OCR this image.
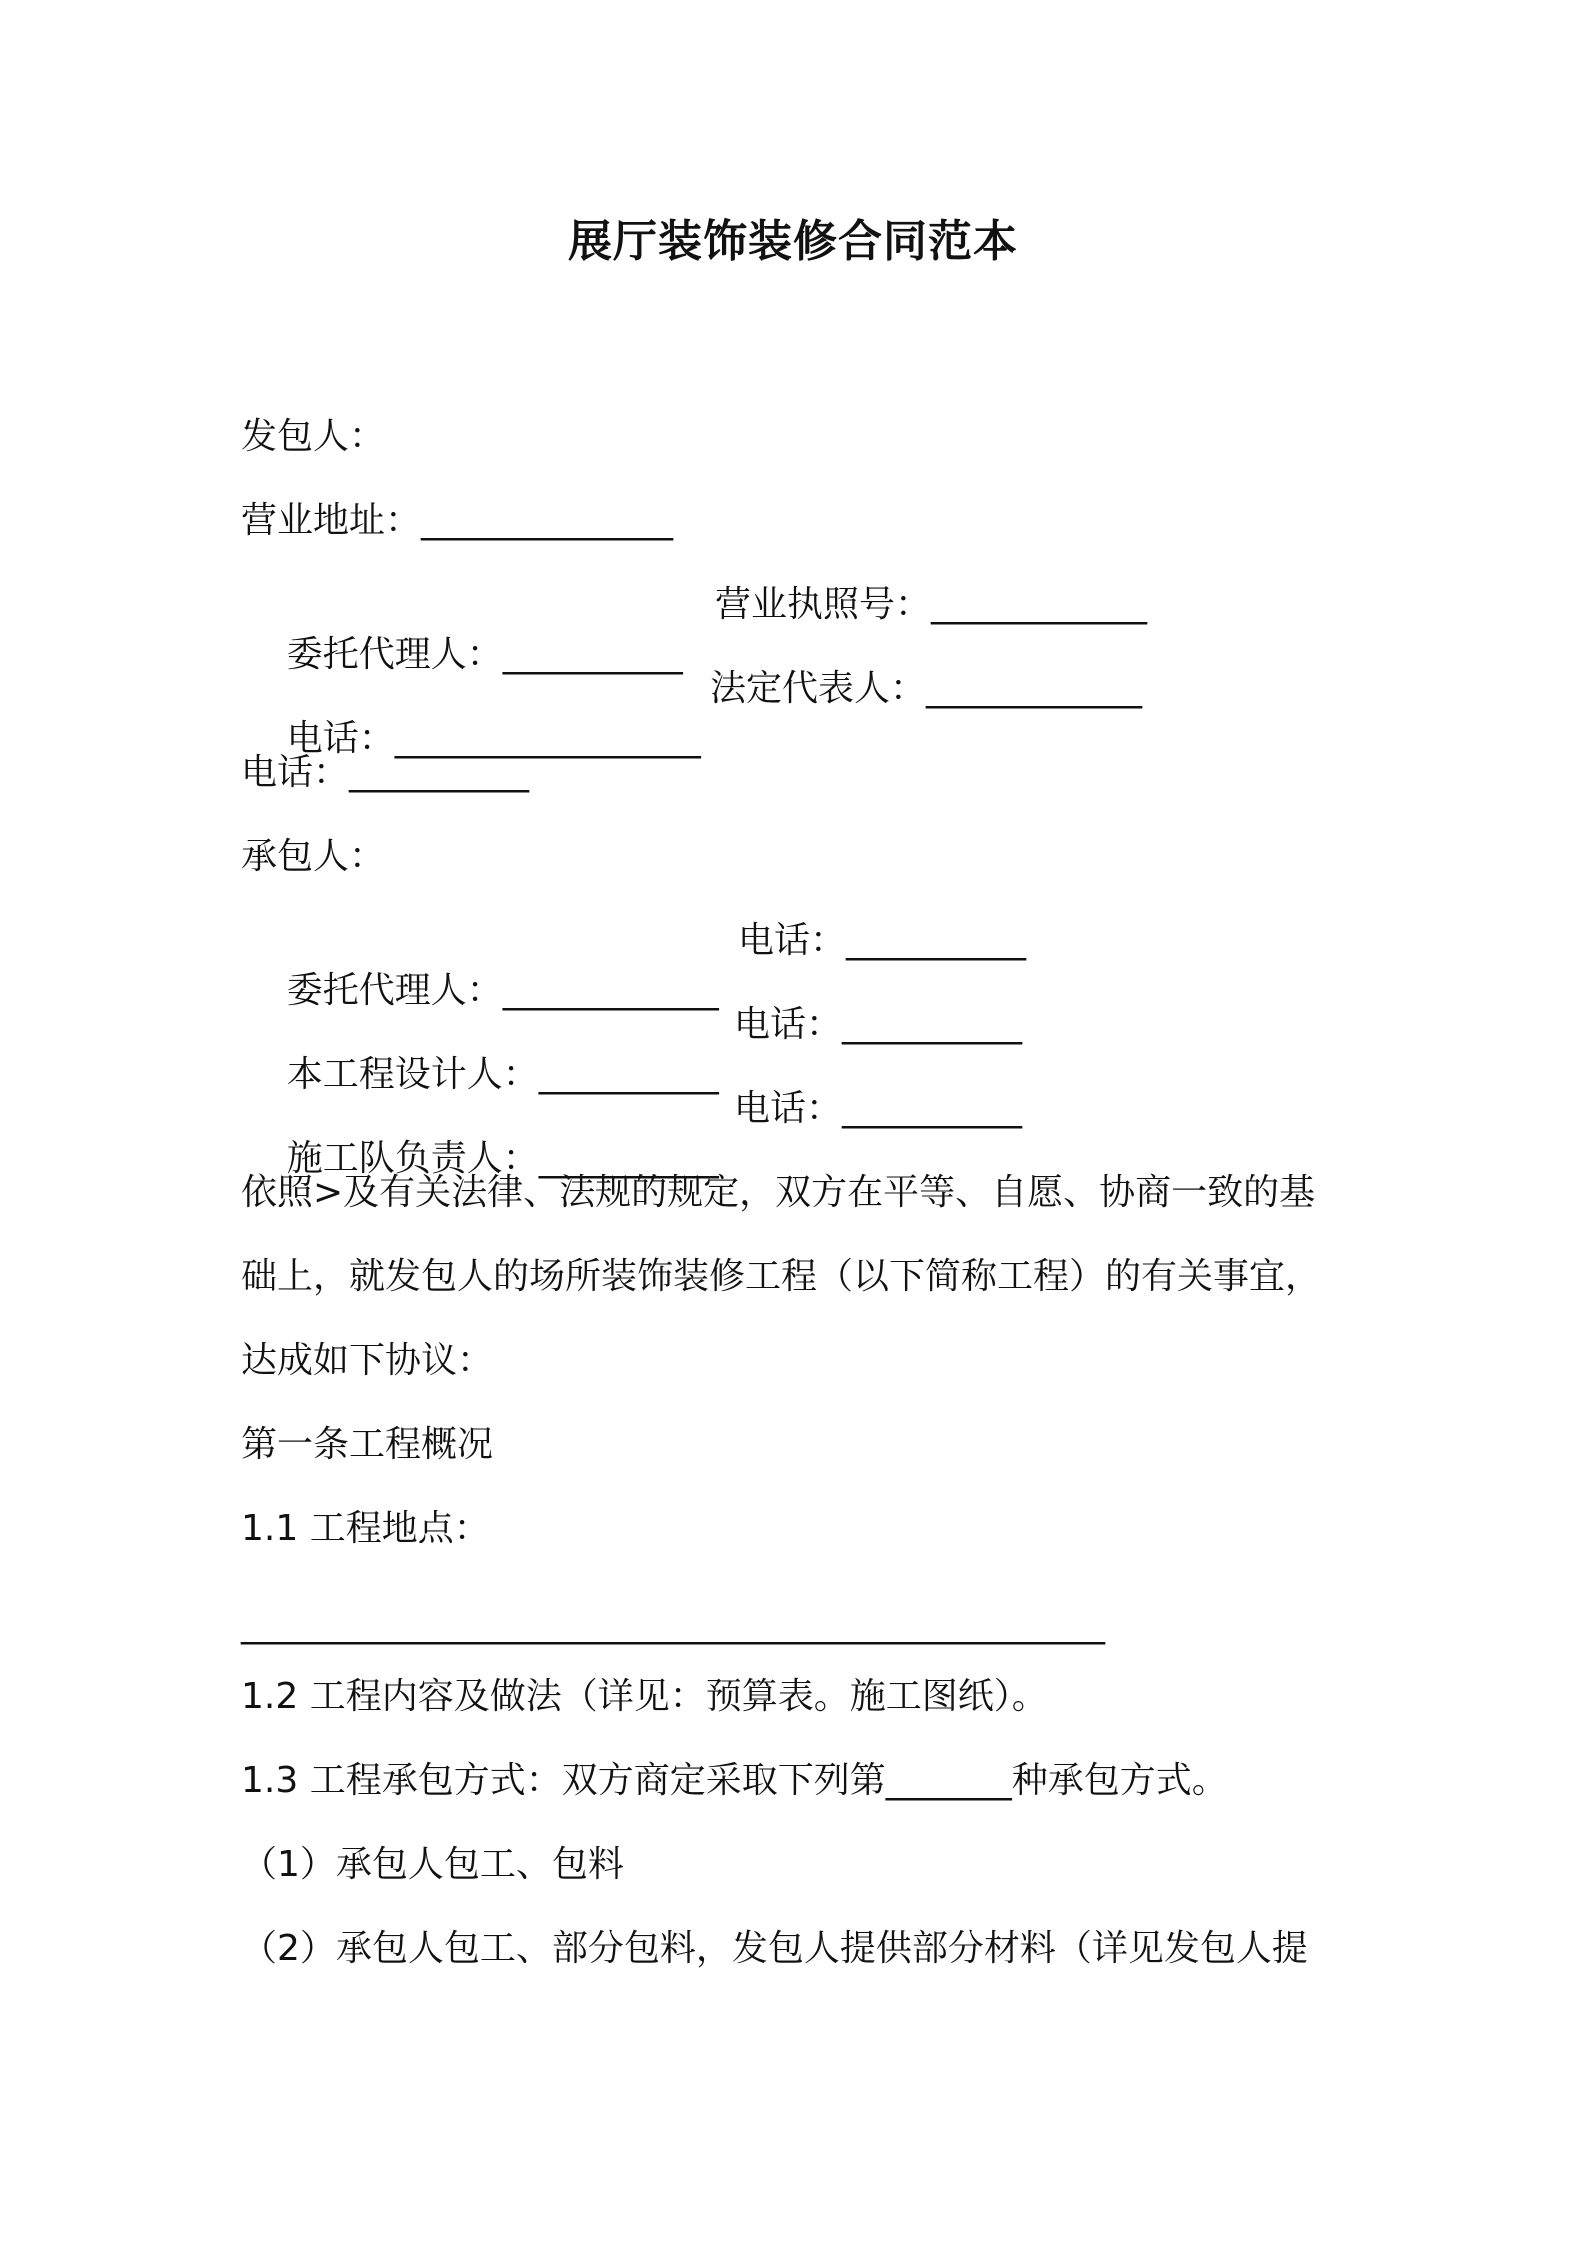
展厅装饰装修合同范本
发包人：
营业地址：______________

委托代理人：__________

营业执照号：____________

电话：_________________

法定代表人：____________

电话：__________
承包人：

委托代理人：____________

电话：__________

本工程设计人：__________

电话：__________

施工队负责人：__________

电话：__________

依照>及有关法律、法规的规定，双方在平等、自愿、协商一致的基
础上，就发包人的场所装饰装修工程（以下简称工程）的有关事宜，
达成如下协议：
第一条工程概况
1.1 工程地点：
________________________________________________
1.2 工程内容及做法（详见：预算表。施工图纸）。
1.3 工程承包方式：双方商定采取下列第_______种承包方式。
（1）承包人包工、包料
（2）承包人包工、部分包料，发包人提供部分材料（详见发包人提
